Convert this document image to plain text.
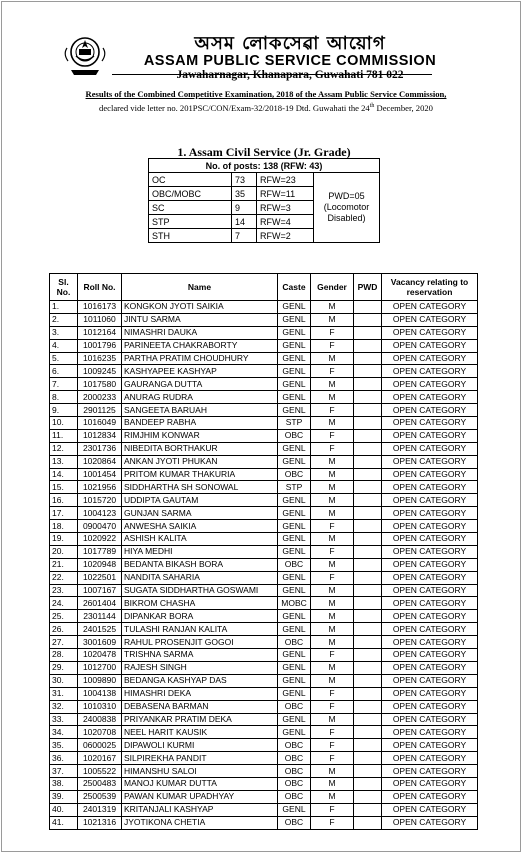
অসম লোকসেৱা আয়োগ
ASSAM PUBLIC SERVICE COMMISSION
Jawaharnagar, Khanapara, Guwahati 781 022
Results of the Combined Competitive Examination, 2018 of the Assam Public Service Commission,
declared vide letter no. 201PSC/CON/Exam-32/2018-19 Dtd. Guwahati the 24th December, 2020
1. Assam Civil Service (Jr. Grade)
No. of posts: 138 (RFW: 43)			
OC	73	RFW=23	PWD=05
(Locomotor
Disabled)

OBC/MOBC	35	RFW=11	
SC	9	RFW=3	
STP	14	RFW=4	
STH	7	RFW=2	
Sl. No.	Roll No.	Name	Caste	Gender	PWD	Vacancy relating to reservation
1.	1016173	KONGKON JYOTI SAIKIA	GENL	M		OPEN CATEGORY
2.	1011060	JINTU SARMA	GENL	M		OPEN CATEGORY
3.	1012164	NIMASHRI DAUKA	GENL	F		OPEN CATEGORY
4.	1001796	PARINEETA CHAKRABORTY	GENL	F		OPEN CATEGORY
5.	1016235	PARTHA PRATIM CHOUDHURY	GENL	M		OPEN CATEGORY
6.	1009245	KASHYAPEE KASHYAP	GENL	F		OPEN CATEGORY
7.	1017580	GAURANGA DUTTA	GENL	M		OPEN CATEGORY
8.	2000233	ANURAG RUDRA	GENL	M		OPEN CATEGORY
9.	2901125	SANGEETA BARUAH	GENL	F		OPEN CATEGORY
10.	1016049	BANDEEP RABHA	STP	M		OPEN CATEGORY
11.	1012834	RIMJHIM KONWAR	OBC	F		OPEN CATEGORY
12.	2301736	NIBEDITA BORTHAKUR	GENL	F		OPEN CATEGORY
13.	1020864	ANKAN JYOTI PHUKAN	GENL	M		OPEN CATEGORY
14.	1001454	PRITOM KUMAR THAKURIA	OBC	M		OPEN CATEGORY
15.	1021956	SIDDHARTHA SH SONOWAL	STP	M		OPEN CATEGORY
16.	1015720	UDDIPTA GAUTAM	GENL	M		OPEN CATEGORY
17.	1004123	GUNJAN SARMA	GENL	M		OPEN CATEGORY
18.	0900470	ANWESHA SAIKIA	GENL	F		OPEN CATEGORY
19.	1020922	ASHISH KALITA	GENL	M		OPEN CATEGORY
20.	1017789	HIYA MEDHI	GENL	F		OPEN CATEGORY
21.	1020948	BEDANTA BIKASH BORA	OBC	M		OPEN CATEGORY
22.	1022501	NANDITA SAHARIA	GENL	F		OPEN CATEGORY
23.	1007167	SUGATA SIDDHARTHA GOSWAMI	GENL	M		OPEN CATEGORY
24.	2601404	BIKROM CHASHA	MOBC	M		OPEN CATEGORY
25.	2301144	DIPANKAR BORA	GENL	M		OPEN CATEGORY
26.	2401525	TULASHI RANJAN KALITA	GENL	M		OPEN CATEGORY
27.	3001609	RAHUL PROSENJIT GOGOI	OBC	M		OPEN CATEGORY
28.	1020478	TRISHNA SARMA	GENL	F		OPEN CATEGORY
29.	1012700	RAJESH SINGH	GENL	M		OPEN CATEGORY
30.	1009890	BEDANGA KASHYAP DAS	GENL	M		OPEN CATEGORY
31.	1004138	HIMASHRI DEKA	GENL	F		OPEN CATEGORY
32.	1010310	DEBASENA BARMAN	OBC	F		OPEN CATEGORY
33.	2400838	PRIYANKAR PRATIM DEKA	GENL	M		OPEN CATEGORY
34.	1020708	NEEL HARIT KAUSIK	GENL	F		OPEN CATEGORY
35.	0600025	DIPAWOLI KURMI	OBC	F		OPEN CATEGORY
36.	1020167	SILPIREKHA PANDIT	OBC	F		OPEN CATEGORY
37.	1005522	HIMANSHU SALOI	OBC	M		OPEN CATEGORY
38.	2500483	MANOJ KUMAR DUTTA	OBC	M		OPEN CATEGORY
39.	2500539	PAWAN KUMAR UPADHYAY	OBC	M		OPEN CATEGORY
40.	2401319	KRITANJALI KASHYAP	GENL	F		OPEN CATEGORY
41.	1021316	JYOTIKONA CHETIA	OBC	F		OPEN CATEGORY
